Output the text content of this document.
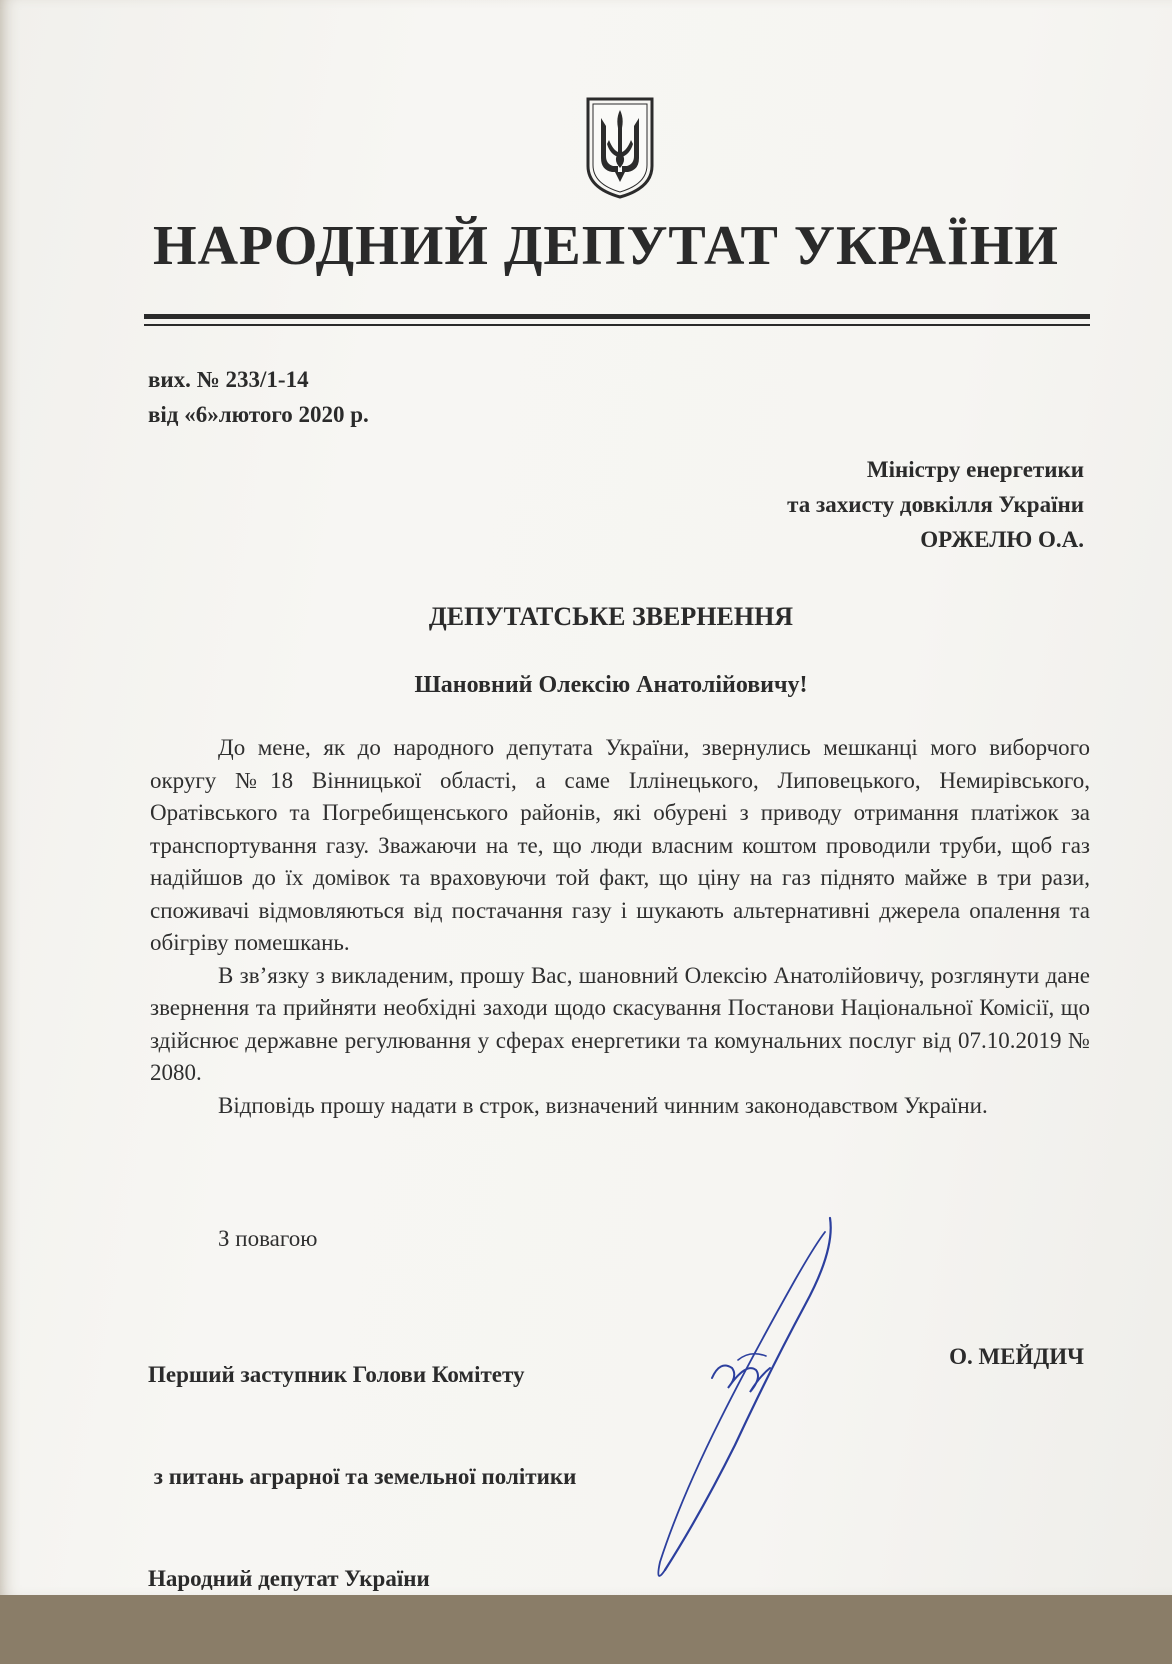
НАРОДНИЙ ДЕПУТАТ УКРАЇНИ
вих. № 233/1-14
від «6»лютого 2020 р.
Міністру енергетики
та захисту довкілля України
ОРЖЕЛЮ О.А.
ДЕПУТАТСЬКЕ ЗВЕРНЕННЯ
Шановний Олексію Анатолійовичу!

До мене, як до народного депутата України, звернулись мешканці мого виборчого округу №18 Вінницької області, а саме Іллінецького, Липовецького, Немирівського, Оратівського та Погребищенського районів, які обурені з приводу отримання платіжок за транспортування газу. Зважаючи на те, що люди власним коштом проводили труби, щоб газ надійшов до їх домівок та враховуючи той факт, що ціну на газ піднято майже в три рази, споживачі відмовляються від постачання газу і шукають альтернативні джерела опалення та обігріву помешкань.

В зв’язку з викладеним, прошу Вас, шановний Олексію Анатолійовичу, розглянути дане звернення та прийняти необхідні заходи щодо скасування Постанови Національної Комісії, що здійснює державне регулювання у сферах енергетики та комунальних послуг від 07.10.2019 № 2080.

Відповідь прошу надати в строк, визначений чинним законодавством України.

З повагою

Перший заступник Голови Комітету

з питань аграрної та земельної політики

Народний депутат України

О. МЕЙДИЧ
